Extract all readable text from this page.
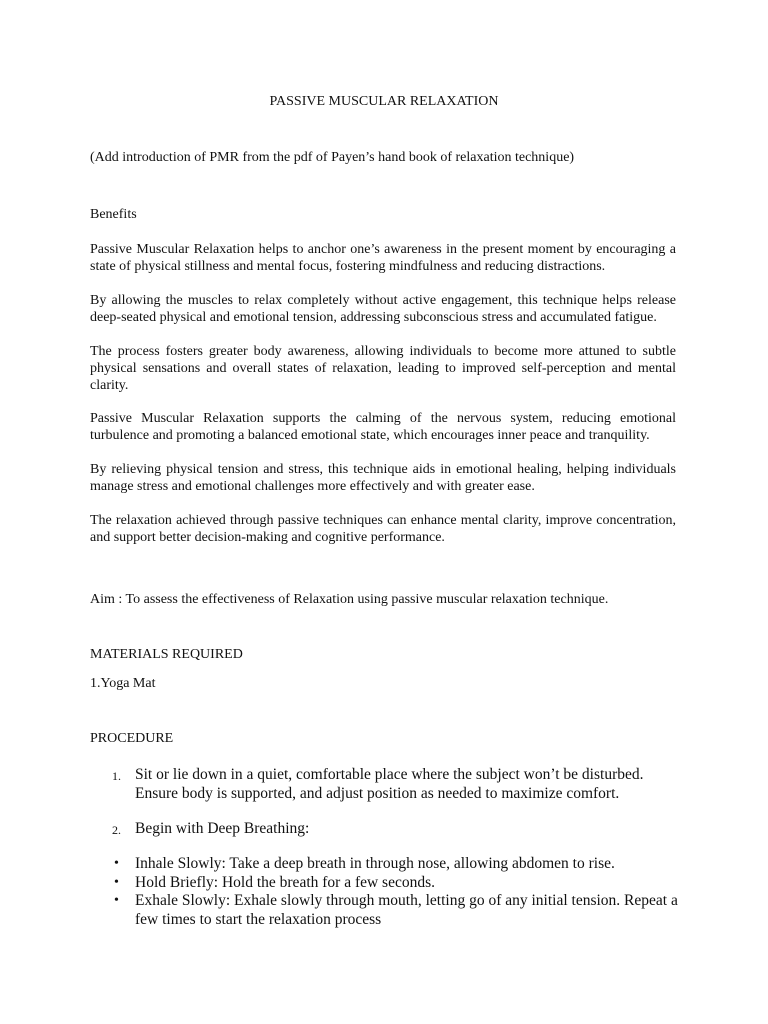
PASSIVE MUSCULAR RELAXATION

(Add introduction of PMR from the pdf of Payen’s hand book of relaxation technique)

Benefits

Passive Muscular Relaxation helps to anchor one’s awareness in the present moment by encouraging a state of physical stillness and mental focus, fostering mindfulness and reducing distractions.

By allowing the muscles to relax completely without active engagement, this technique helps release deep-seated physical and emotional tension, addressing subconscious stress and accumulated fatigue.

The process fosters greater body awareness, allowing individuals to become more attuned to subtle physical sensations and overall states of relaxation, leading to improved self-perception and mental clarity.

Passive Muscular Relaxation supports the calming of the nervous system, reducing emotional turbulence and promoting a balanced emotional state, which encourages inner peace and tranquility.

By relieving physical tension and stress, this technique aids in emotional healing, helping individuals manage stress and emotional challenges more effectively and with greater ease.

The relaxation achieved through passive techniques can enhance mental clarity, improve concentration, and support better decision-making and cognitive performance.

Aim : To assess the effectiveness of Relaxation using passive muscular relaxation technique.

MATERIALS REQUIRED

1.Yoga Mat

PROCEDURE

1. Sit or lie down in a quiet, comfortable place where the subject won’t be disturbed. Ensure body is supported, and adjust position as needed to maximize comfort.

2. Begin with Deep Breathing:

• Inhale Slowly: Take a deep breath in through nose, allowing abdomen to rise.

• Hold Briefly: Hold the breath for a few seconds.

• Exhale Slowly: Exhale slowly through mouth, letting go of any initial tension. Repeat a few times to start the relaxation process
